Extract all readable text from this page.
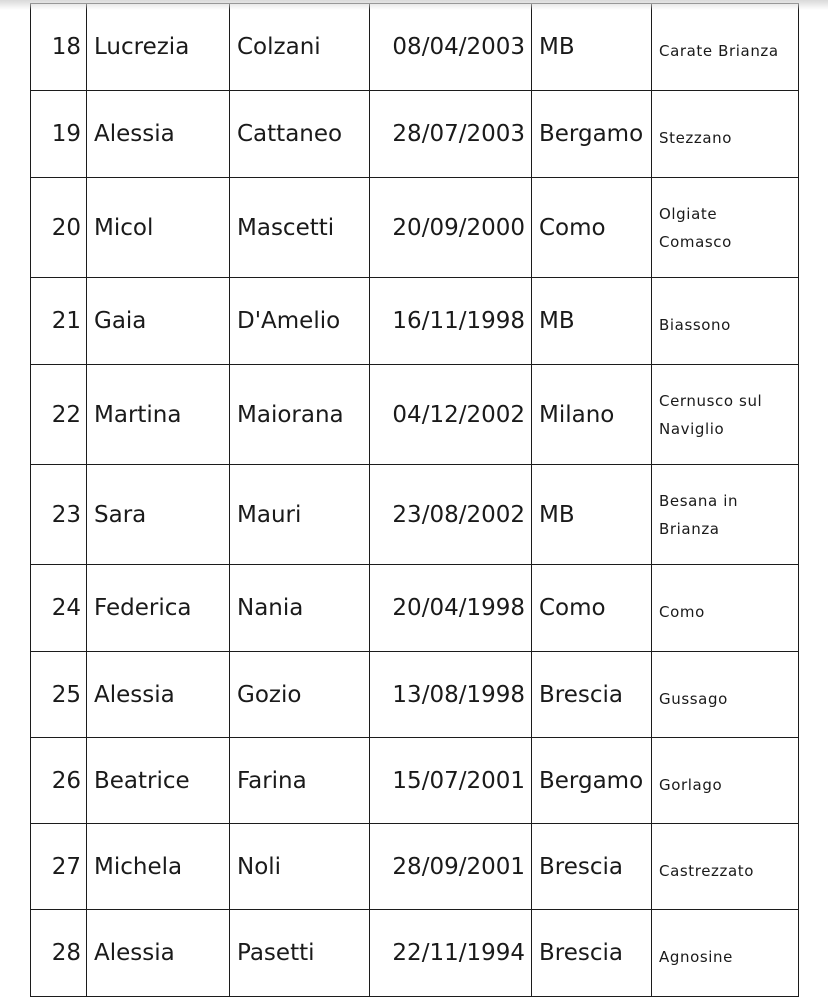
18	Lucrezia	Colzani	08/04/2003	MB	Carate Brianza

19	Alessia	Cattaneo	28/07/2003	Bergamo	Stezzano

20	Micol	Mascetti	20/09/2000	Como	Olgiate
Comasco

21	Gaia	D'Amelio	16/11/1998	MB	Biassono

22	Martina	Maiorana	04/12/2002	Milano	Cernusco sul
Naviglio

23	Sara	Mauri	23/08/2002	MB	Besana in
Brianza

24	Federica	Nania	20/04/1998	Como	Como

25	Alessia	Gozio	13/08/1998	Brescia	Gussago

26	Beatrice	Farina	15/07/2001	Bergamo	Gorlago

27	Michela	Noli	28/09/2001	Brescia	Castrezzato

28	Alessia	Pasetti	22/11/1994	Brescia	Agnosine
